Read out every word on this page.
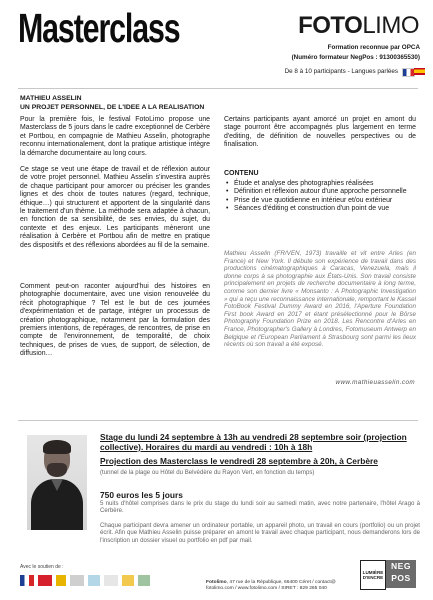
Masterclass	FOTOLIMO
Formation reconnue par OPCA
(Numéro formateur NegPos : 91300365530)
De 8 à 10 participants - Langues parlées
MATHIEU ASSELIN
UN PROJET PERSONNEL, DE L'IDEE A LA REALISATION
Pour la première fois, le festival FotoLimo propose une Masterclass de 5 jours dans le cadre exceptionnel de Cerbère et Portbou, en compagnie de Mathieu Asselin, photographe reconnu internationalement, dont la pratique artistique intègre la démarche documentaire au long cours.
Ce stage se veut une étape de travail et de réflexion autour de votre projet personnel. Mathieu Asselin s'investira auprès de chaque participant pour amorcer ou préciser les grandes lignes et des choix de toutes natures (regard, technique, éthique…) qui structurent et apportent de la singularité dans le traitement d'un thème. La méthode sera adaptée à chacun, en fonction de sa sensibilité, de ses envies, du sujet, du contexte et des enjeux. Les participants mèneront une réalisation à Cerbère et Portbou afin de mettre en pratique des dispositifs et des réflexions abordées au fil de la semaine.
Comment peut-on raconter aujourd'hui des histoires en photographie documentaire, avec une vision renouvelée du récit photographique ? Tel est le but de ces journées d'expérimentation et de partage, intégrer un processus de création photographique, notamment par la formulation des premiers intentions, de repérages, de rencontres, de prise en compte de l'environnement, de temporalité, de choix techniques, de prises de vues, de support, de sélection, de diffusion…
Certains participants ayant amorcé un projet en amont du stage pourront être accompagnés plus largement en terme d'editing, de définition de nouvelles perspectives ou de finalisation.
CONTENU
• Étude et analyse des photographies réalisées
• Définition et réflexion autour d'une approche personnelle
• Prise de vue quotidienne en intérieur et/ou extérieur
• Séances d'éditing et construction d'un point de vue
Mathieu Asselin (FR/VEN, 1973) travaille et vit entre Arles (en France) et New York. Il débute son expérience de travail dans des productions cinématographiques à Caracas, Venezuela, mais il donne corps à sa photographie aux États-Unis. Son travail consiste principalement en projets de recherche documentaire à long terme, comme son dernier livre « Monsanto : A Photographic Investigation » qui a reçu une reconnaissance internationale, remportant le Kassel FotoBook Festival Dummy Award en 2016, l'Aperture Foundation First book Award en 2017 et étant présélectionné pour le Börse Photography Foundation Prize en 2018. Les Rencontre d'Arles en France, Photographer's Gallery à Londres, Fotomuseum Antwerp en Belgique et l'European Parliament à Strasbourg sont parmi les lieux récents où son travail a été exposé.
www.mathieuasselin.com
Stage du lundi 24 septembre à 13h au vendredi 28 septembre soir (projection collective). Horaires du mardi au vendredi : 10h à 18h
Projection des Masterclass le vendredi 28 septembre à 20h, à Cerbère
(tunnel de la plage ou Hôtel du Belvédère du Rayon Vert, en fonction du temps)
750 euros les 5 jours
5 nuits d'hôtel comprises dans le prix du stage du lundi soir au samedi matin, avec notre partenaire, l'hôtel Arago à Cerbère.
Chaque participant devra amener un ordinateur portable, un appareil photo, un travail en cours (portfolio) ou un projet écrit. Afin que Mathieu Asselin puisse préparer en amont le travail avec chaque participant, nous demanderons lors de l'inscription un dossier visuel ou portfolio en pdf par mail.
Avec le soutien de :
Fotolimo, 47 rue de la République, 66400 Céret / contact@
fotolimo.com / www.fotolimo.com / SIRET : 829 265 040
LUMIÈRE D'ENCRE
NEG
POS
